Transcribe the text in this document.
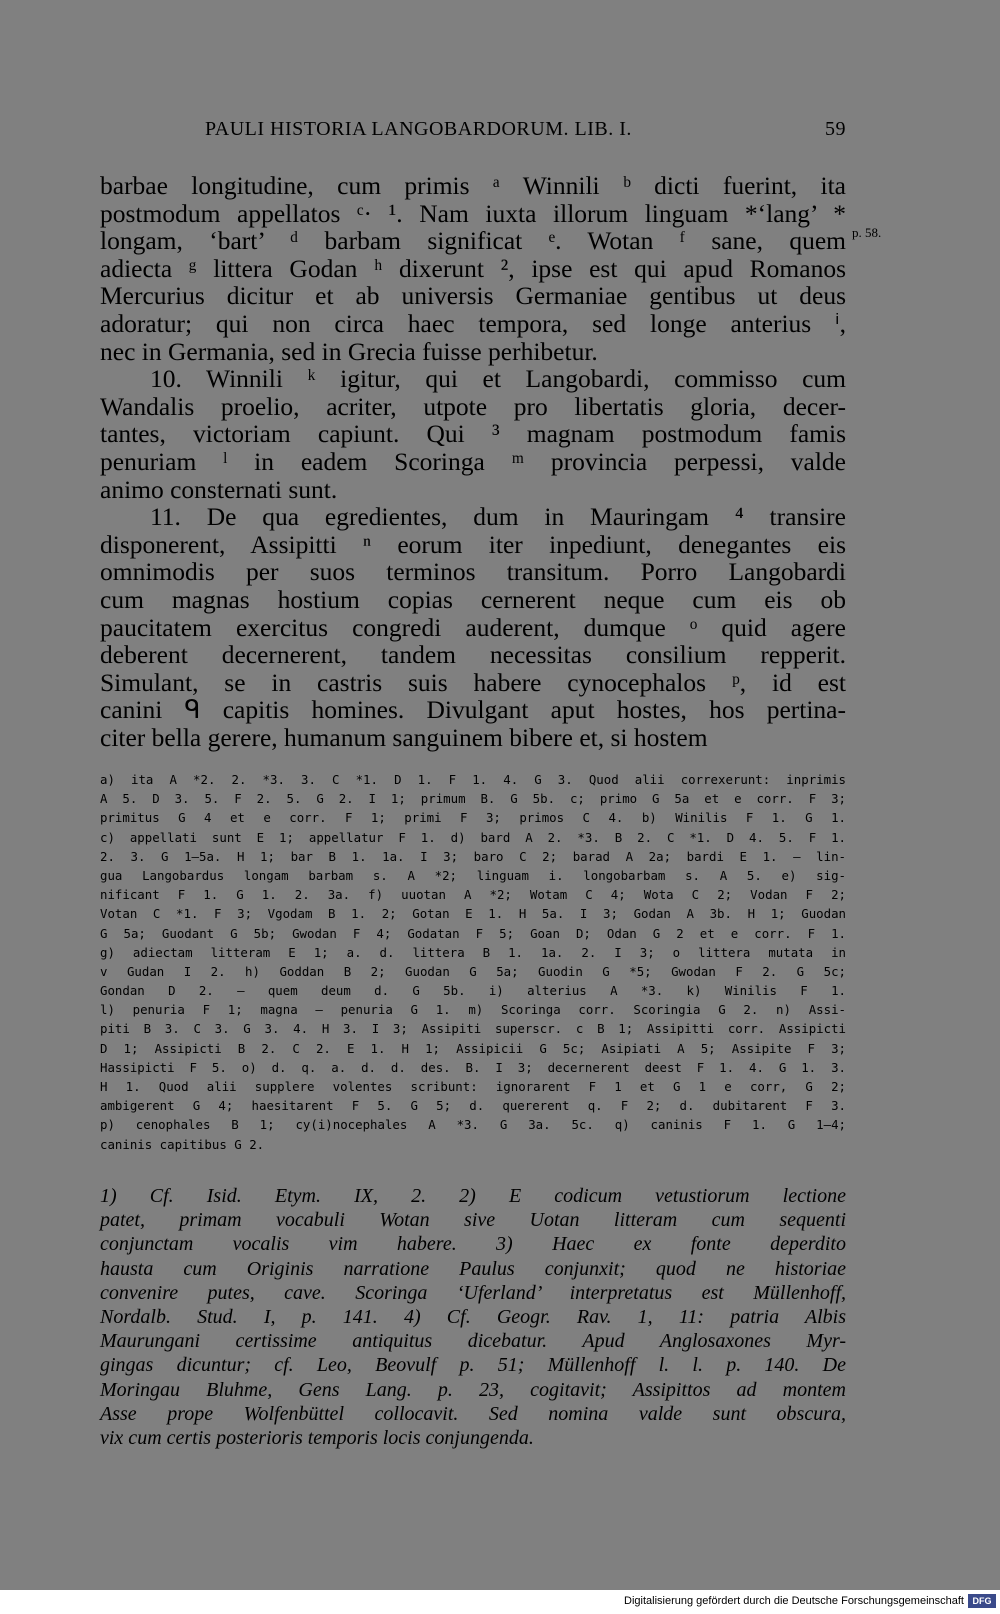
PAULI HISTORIA LANGOBARDORUM. LIB. I.	59
p. 58.
barbae longitudine, cum primis ᵃ Winnili ᵇ dicti fuerint, ita
postmodum appellatos ᶜ· ¹. Nam iuxta illorum linguam *‘lang’ *
longam, ‘bart’ ᵈ barbam significat ᵉ. Wotan ᶠ sane, quem
adiecta ᵍ littera Godan ʰ dixerunt ², ipse est qui apud Romanos
Mercurius dicitur et ab universis Germaniae gentibus ut deus
adoratur; qui non circa haec tempora, sed longe anterius ⁱ,
nec in Germania, sed in Grecia fuisse perhibetur.
10. Winnili ᵏ igitur, qui et Langobardi, commisso cum
Wandalis proelio, acriter, utpote pro libertatis gloria, decer-
tantes, victoriam capiunt. Qui ³ magnam postmodum famis
penuriam ˡ in eadem Scoringa ᵐ provincia perpessi, valde
animo consternati sunt.
11. De qua egredientes, dum in Mauringam ⁴ transire
disponerent, Assipitti ⁿ eorum iter inpediunt, denegantes eis
omnimodis per suos terminos transitum. Porro Langobardi
cum magnas hostium copias cernerent neque cum eis ob
paucitatem exercitus congredi auderent, dumque ᵒ quid agere
deberent decernerent, tandem necessitas consilium repperit.
Simulant, se in castris suis habere cynocephalos ᵖ, id est
canini ᑫ capitis homines. Divulgant aput hostes, hos pertina-
citer bella gerere, humanum sanguinem bibere et, si hostem
a) ita A *2. 2. *3. 3. C *1. D 1. F 1. 4. G 3. Quod alii correxerunt: inprimis
A 5. D 3. 5. F 2. 5. G 2. I 1; primum B. G 5b. c; primo G 5a et e corr. F 3;
primitus G 4 et e corr. F 1; primi F 3; primos C 4. b) Winilis F 1. G 1.
c) appellati sunt E 1; appellatur F 1. d) bard A 2. *3. B 2. C *1. D 4. 5. F 1.
2. 3. G 1—5a. H 1; bar B 1. 1a. I 3; baro C 2; barad A 2a; bardi E 1. — lin-
gua Langobardus longam barbam s. A *2; linguam i. longobarbam s. A 5. e) sig-
nificant F 1. G 1. 2. 3a. f) uuotan A *2; Wotam C 4; Wota C 2; Vodan F 2;
Votan C *1. F 3; Vgodam B 1. 2; Gotan E 1. H 5a. I 3; Godan A 3b. H 1; Guodan
G 5a; Guodant G 5b; Gwodan F 4; Godatan F 5; Goan D; Odan G 2 et e corr. F 1.
g) adiectam litteram E 1; a. d. littera B 1. 1a. 2. I 3; o littera mutata in
v Gudan I 2. h) Goddan B 2; Guodan G 5a; Guodin G *5; Gwodan F 2. G 5c;
Gondan D 2. — quem deum d. G 5b. i) alterius A *3. k) Winilis F 1.
l) penuria F 1; magna — penuria G 1. m) Scoringa corr. Scoringia G 2. n) Assi-
piti B 3. C 3. G 3. 4. H 3. I 3; Assipiti superscr. c B 1; Assipitti corr. Assipicti
D 1; Assipicti B 2. C 2. E 1. H 1; Assipicii G 5c; Asipiati A 5; Assipite F 3;
Hassipicti F 5. o) d. q. a. d. d. des. B. I 3; decernerent deest F 1. 4. G 1. 3.
H 1. Quod alii supplere volentes scribunt: ignorarent F 1 et G 1 e corr, G 2;
ambigerent G 4; haesitarent F 5. G 5; d. quererent q. F 2; d. dubitarent F 3.
p) cenophales B 1; cy(i)nocephales A *3. G 3a. 5c. q) caninis F 1. G 1—4;
caninis capitibus G 2.
1) Cf. Isid. Etym. IX, 2. 2) E codicum vetustiorum lectione
patet, primam vocabuli Wotan sive Uotan litteram cum sequenti
conjunctam vocalis vim habere. 3) Haec ex fonte deperdito
hausta cum Originis narratione Paulus conjunxit; quod ne historiae
convenire putes, cave. Scoringa ‘Uferland’ interpretatus est Müllenhoff,
Nordalb. Stud. I, p. 141. 4) Cf. Geogr. Rav. 1, 11: patria Albis
Maurungani certissime antiquitus dicebatur. Apud Anglosaxones Myr-
gingas dicuntur; cf. Leo, Beovulf p. 51; Müllenhoff l. l. p. 140. De
Moringau Bluhme, Gens Lang. p. 23, cogitavit; Assipittos ad montem
Asse prope Wolfenbüttel collocavit. Sed nomina valde sunt obscura,
vix cum certis posterioris temporis locis conjungenda.
Digitalisierung gefördert durch die Deutsche Forschungsgemeinschaft DFG
